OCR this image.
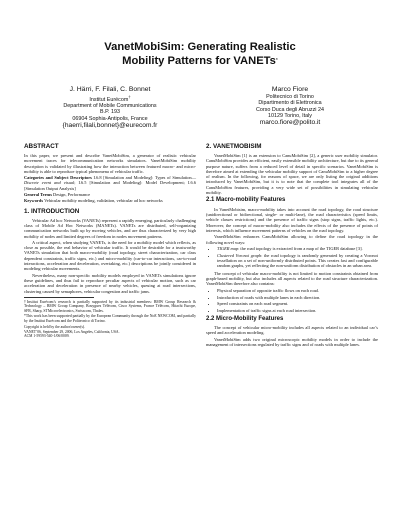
VanetMobiSim: Generating Realistic
Mobility Patterns for VANETs*
J. Härri, F. Filali, C. Bonnet
Institut Eurécom†
Department of Mobile Communications
B.P. 193
06904 Sophia-Antipolis, France
{haerri,filali,bonnet}@eurecom.fr
Marco Fiore
Politecnico di Torino
Dipartimento di Elettronica
Corso Duca degli Abruzzi 24
10129 Torino, Italy
marco.fiore@polito.it
ABSTRACT
In this paper, we present and describe VanetMobiSim, a generator of realistic vehicular movement traces for telecommunication networks simulators. VanetMobiSim mobility description is validated by illustrating how the interaction between featured macro- and micro-mobility is able to reproduce typical phenomena of vehicular traffic.
Categories and Subject Descriptors I.6.8 [Simulation and Modeling]: Types of Simulation—Discrete event and visual; I.6.5 [Simulation and Modeling]: Model Development; I.6.6 [Simulation Output Analysis]
General Terms Design, Performance
Keywords Vehicular mobility modeling, validation, vehicular ad hoc networks
1. INTRODUCTION
Vehicular Ad hoc Networks (VANETs) represent a rapidly emerging, particularly challenging class of Mobile Ad Hoc Networks (MANETs). VANETs are distributed, self-organizing communication networks built up by moving vehicles, and are thus characterized by very high mobility of nodes and limited degrees of freedom in nodes movement patterns.
A critical aspect, when studying VANETs, is the need for a mobility model which reflects, as close as possible, the real behavior of vehicular traffic. It would be desirable for a trustworthy VANETs simulation that both macro-mobility (road topology, street characterization, car class dependent constraints, traffic signs, etc.) and micro-mobility (car-to-car interactions, car-to-road interactions, acceleration and deceleration, overtaking, etc.) descriptions be jointly considered in modeling vehicular movements.
Nevertheless, many non-specific mobility models employed in VANETs simulations ignore these guidelines, and thus fail to reproduce peculiar aspects of vehicular motion, such as car acceleration and deceleration in presence of nearby vehicles, queuing at road intersections, clustering caused by semaphores, vehicular congestion and traffic jams.
†Institut Eurécom’s research is partially supported by its industrial members: BMW Group Research & Technology – BMW Group Company, Bouygues Télécom, Cisco Systems, France Télécom, Hitachi Europe, SFR, Sharp, STMicroelectronics, Swisscom, Thales.
*This work has been supported partially by the European Community through the NoE NEWCOM, and partially by the Institut Eurécom and the Politecnico di Torino.
Copyright is held by the author/owner(s).
VANET’06, September 29, 2006, Los Angeles, California, USA.
ACM 1-59593-540-1/06/0009.
2. VANETMOBISIM
VanetMobiSim [1] is an extension to CanuMobiSim [2], a generic user mobility simulator. CanuMobiSim provides an efficient, easily extensible mobility architecture, but due to its general purpose nature, suffers from a reduced level of detail in specific scenarios. VanetMobiSim is therefore aimed at extending the vehicular mobility support of CanuMobiSim to a higher degree of realism. In the following, for reasons of space, we are only listing the original additions introduced by VanetMobiSim, but it is to note that the complete tool integrates all of the CanuMobiSim features, providing a very wide set of possibilities in simulating vehicular mobility.
2.1 Macro-mobility Features
In VanetMobisim, macro-mobility takes into account the road topology, the road structure (unidirectional or bidirectional, single- or multi-lane), the road characteristics (speed limits, vehicle classes restrictions) and the presence of traffic signs (stop signs, traffic lights, etc.). Moreover, the concept of macro-mobility also includes the effects of the presence of points of interests, which influence movement patterns of vehicles on the road topology.
VanetMobiSim enhances CanuMobiSim allowing to define the road topology in the following novel ways:
• TIGER map: the road topology is extracted from a map of the TIGER database [3].
• Clustered Voronoi graph: the road topology is randomly generated by creating a Voronoi tessellation on a set of non-uniformly distributed points. This creates fast and configurable random graphs, yet reflecting the non-uniform distribution of obstacles in an urban area.
The concept of vehicular macro-mobility is not limited to motion constraints obtained from graph-based mobility, but also includes all aspects related to the road structure characterization. VanetMobiSim therefore also contains:
• Physical separation of opposite traffic flows on each road.
• Introduction of roads with multiple lanes in each direction.
• Speed constraints on each road segment.
• Implementation of traffic signs at each road intersection.
2.2 Micro-Mobility Features
The concept of vehicular micro-mobility includes all aspects related to an individual car’s speed and acceleration modeling.
VanetMobiSim adds two original microscopic mobility models in order to include the management of intersections regulated by traffic signs and of roads with multiple lanes.
